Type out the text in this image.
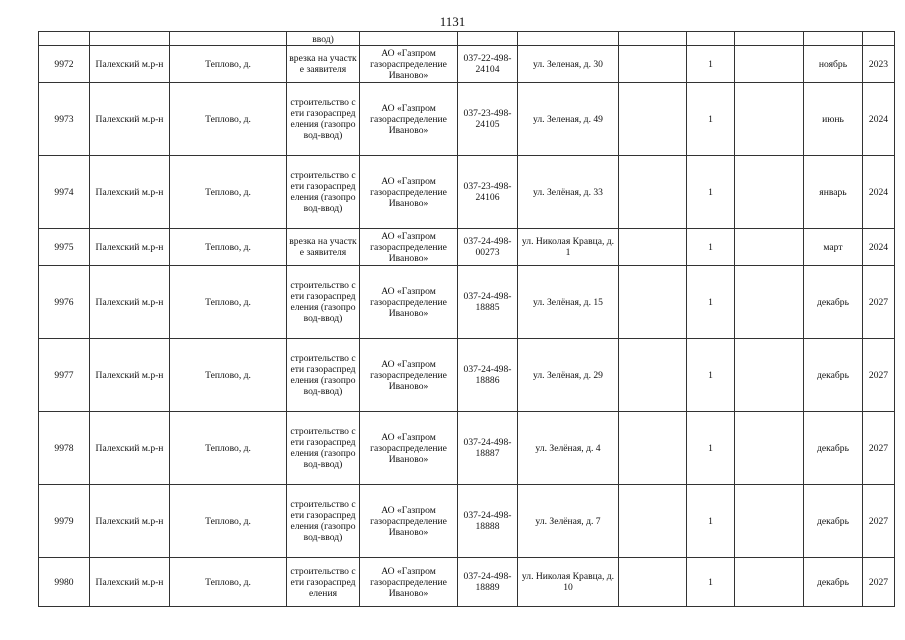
1131
			ввод)								
9972	Палехский м.р-н	Теплово, д.	врезка на участке заявителя	АО «Газпром газораспределение Иваново»	037-22-498-24104	ул. Зеленая, д. 30		1		ноябрь	2023
9973	Палехский м.р-н	Теплово, д.	строительство сети газораспределения (газопровод-ввод)	АО «Газпром газораспределение Иваново»	037-23-498-24105	ул. Зеленая, д. 49		1		июнь	2024
9974	Палехский м.р-н	Теплово, д.	строительство сети газораспределения (газопровод-ввод)	АО «Газпром газораспределение Иваново»	037-23-498-24106	ул. Зелёная, д. 33		1		январь	2024
9975	Палехский м.р-н	Теплово, д.	врезка на участке заявителя	АО «Газпром газораспределение Иваново»	037-24-498-00273	ул. Николая Кравца, д. 1		1		март	2024
9976	Палехский м.р-н	Теплово, д.	строительство сети газораспределения (газопровод-ввод)	АО «Газпром газораспределение Иваново»	037-24-498-18885	ул. Зелёная, д. 15		1		декабрь	2027
9977	Палехский м.р-н	Теплово, д.	строительство сети газораспределения (газопровод-ввод)	АО «Газпром газораспределение Иваново»	037-24-498-18886	ул. Зелёная, д. 29		1		декабрь	2027
9978	Палехский м.р-н	Теплово, д.	строительство сети газораспределения (газопровод-ввод)	АО «Газпром газораспределение Иваново»	037-24-498-18887	ул. Зелёная, д. 4		1		декабрь	2027
9979	Палехский м.р-н	Теплово, д.	строительство сети газораспределения (газопровод-ввод)	АО «Газпром газораспределение Иваново»	037-24-498-18888	ул. Зелёная, д. 7		1		декабрь	2027
9980	Палехский м.р-н	Теплово, д.	строительство сети газораспределения	АО «Газпром газораспределение Иваново»	037-24-498-18889	ул. Николая Кравца, д. 10		1		декабрь	2027
